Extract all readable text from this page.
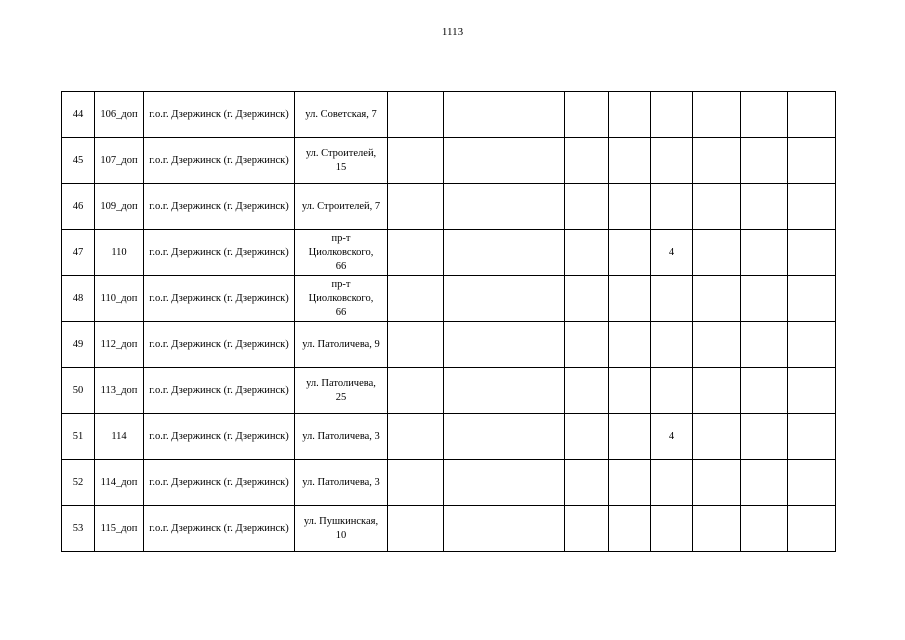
1113
44	106_доп	г.о.г. Дзержинск (г. Дзержинск)	ул. Советская, 7								
45	107_доп	г.о.г. Дзержинск (г. Дзержинск)	ул. Строителей,
15								
46	109_доп	г.о.г. Дзержинск (г. Дзержинск)	ул. Строителей, 7								
47	110	г.о.г. Дзержинск (г. Дзержинск)	пр-т
Циолковского,
66					4			
48	110_доп	г.о.г. Дзержинск (г. Дзержинск)	пр-т
Циолковского,
66								
49	112_доп	г.о.г. Дзержинск (г. Дзержинск)	ул. Патоличева, 9								
50	113_доп	г.о.г. Дзержинск (г. Дзержинск)	ул. Патоличева,
25								
51	114	г.о.г. Дзержинск (г. Дзержинск)	ул. Патоличева, 3					4			
52	114_доп	г.о.г. Дзержинск (г. Дзержинск)	ул. Патоличева, 3								
53	115_доп	г.о.г. Дзержинск (г. Дзержинск)	ул. Пушкинская,
10								
